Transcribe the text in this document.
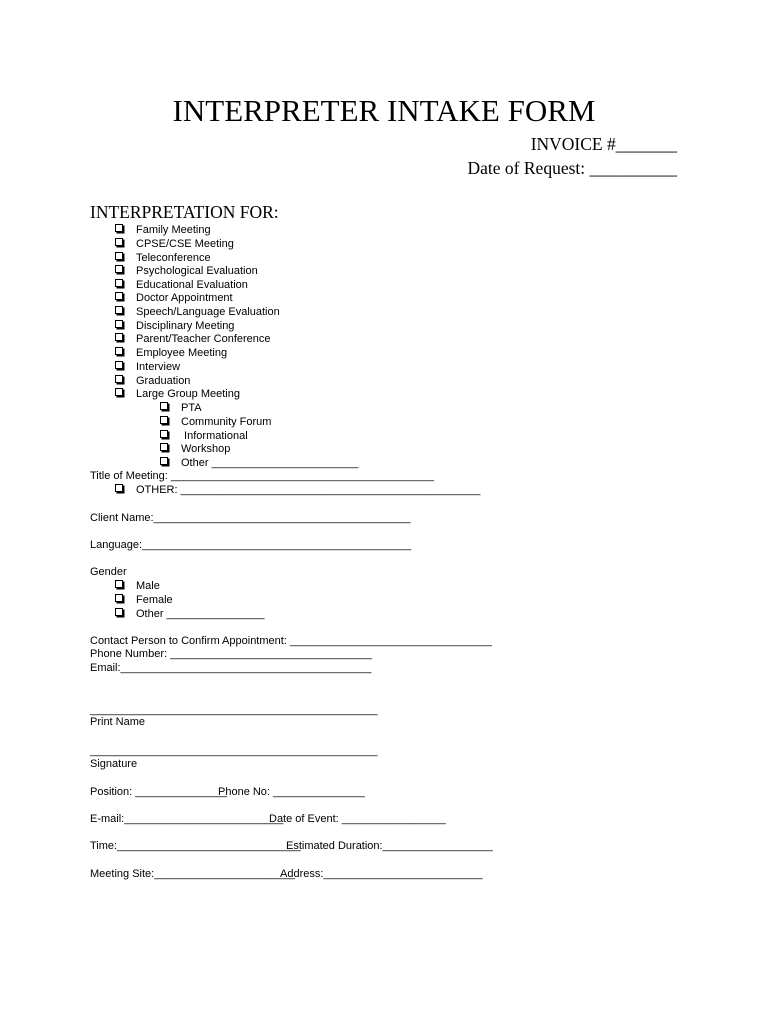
INTERPRETER INTAKE FORM
INVOICE #_______
Date of Request: __________
INTERPRETATION FOR:
Family Meeting
CPSE/CSE Meeting
Teleconference
Psychological Evaluation
Educational Evaluation
Doctor Appointment
Speech/Language Evaluation
Disciplinary Meeting
Parent/Teacher Conference
Employee Meeting
Interview
Graduation
Large Group Meeting
PTA
Community Forum
Informational
Workshop
Other ________________________
Title of Meeting: ___________________________________________
OTHER: _________________________________________________
Client Name:__________________________________________
Language:____________________________________________
Gender
Male
Female
Other ________________
Contact Person to Confirm Appointment: _________________________________
Phone Number: _________________________________
Email:_________________________________________
_______________________________________________
Print Name
_______________________________________________
Signature
Position: _______________
Phone No: _______________
E-mail:__________________________
Date of Event: _________________
Time:______________________________
Estimated Duration:__________________
Meeting Site:_______________________
Address:__________________________
